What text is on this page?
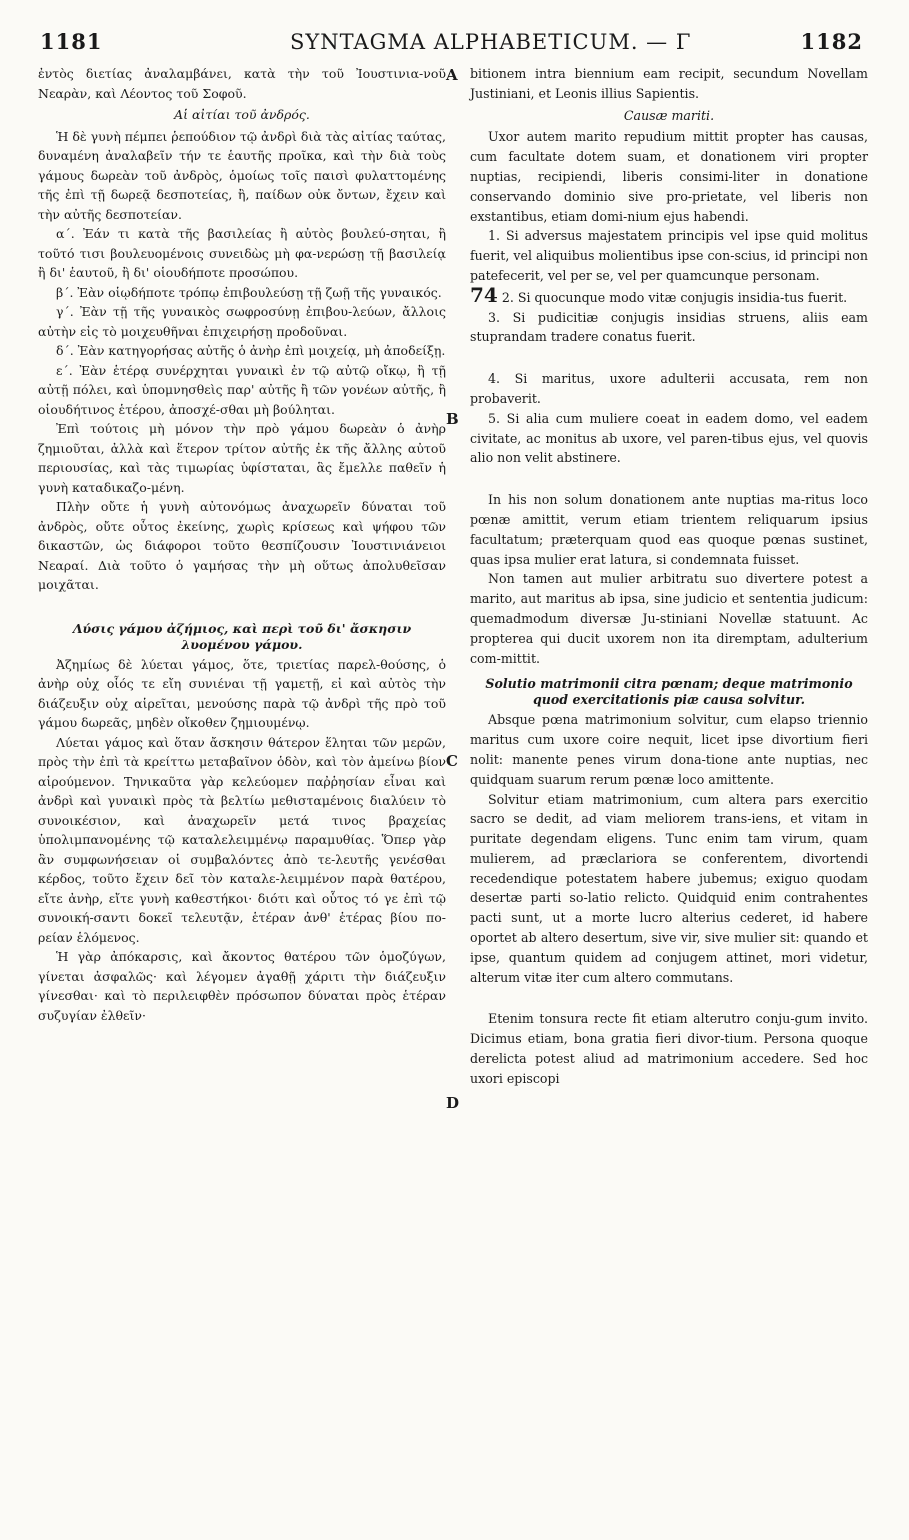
1181	SYNTAGMA ALPHABETICUM. — Γ	1182
A
B
C
D

ἐντὸς διετίας ἀναλαμβάνει, κατὰ τὴν τοῦ Ἰουστινια-νοῦ Νεαρὰν, καὶ Λέοντος τοῦ Σοφοῦ.

Αἱ αἰτίαι τοῦ ἀνδρός.

Ἡ δὲ γυνὴ πέμπει ῥεπούδιον τῷ ἀνδρὶ διὰ τὰς αἰτίας ταύτας, δυναμένη ἀναλαβεῖν τήν τε ἑαυτῆς προῖκα, καὶ τὴν διὰ τοὺς γάμους δωρεὰν τοῦ ἀνδρὸς, ὁμοίως τοῖς παισὶ φυλαττομένης τῆς ἐπὶ τῇ δωρεᾷ δεσποτείας, ἢ, παίδων οὐκ ὄντων, ἔχειν καὶ τὴν αὐτῆς δεσποτείαν.

α΄. Ἐάν τι κατὰ τῆς βασιλείας ἢ αὐτὸς βουλεύ-σηται, ἢ τοῦτό τισι βουλευομένοις συνειδὼς μὴ φα-νερώσῃ τῇ βασιλείᾳ ἢ δι' ἑαυτοῦ, ἢ δι' οἱουδήποτε προσώπου.

β΄. Ἐὰν οἱῳδήποτε τρόπῳ ἐπιβουλεύσῃ τῇ ζωῇ τῆς γυναικός.

γ΄. Ἐὰν τῇ τῆς γυναικὸς σωφροσύνῃ ἐπιβου-λεύων, ἄλλοις αὐτὴν εἰς τὸ μοιχευθῆναι ἐπιχειρήσῃ προδοῦναι.

δ΄. Ἐὰν κατηγορήσας αὐτῆς ὁ ἀνὴρ ἐπὶ μοιχείᾳ, μὴ ἀποδείξῃ.

ε΄. Ἐὰν ἑτέρᾳ συνέρχηται γυναικὶ ἐν τῷ αὐτῷ οἴκῳ, ἢ τῇ αὐτῇ πόλει, καὶ ὑπομνησθεὶς παρ' αὐτῆς ἢ τῶν γονέων αὐτῆς, ἢ οἱουδήτινος ἑτέρου, ἀποσχέ-σθαι μὴ βούληται.

Ἐπὶ τούτοις μὴ μόνον τὴν πρὸ γάμου δωρεὰν ὁ ἀνὴρ ζημιοῦται, ἀλλὰ καὶ ἕτερον τρίτον αὐτῆς ἐκ τῆς ἄλλης αὐτοῦ περιουσίας, καὶ τὰς τιμωρίας ὑφίσταται, ἃς ἔμελλε παθεῖν ἡ γυνὴ καταδικαζο-μένη.

Πλὴν οὔτε ἡ γυνὴ αὐτονόμως ἀναχωρεῖν δύναται τοῦ ἀνδρὸς, οὔτε οὗτος ἐκείνης, χωρὶς κρίσεως καὶ ψήφου τῶν δικαστῶν, ὡς διάφοροι τοῦτο θεσπίζουσιν Ἰουστινιάνειοι Νεαραί. Διὰ τοῦτο ὁ γαμήσας τὴν μὴ οὕτως ἀπολυθεῖσαν μοιχᾶται.

Λύσις γάμου ἀζήμιος, καὶ περὶ τοῦ δι' ἄσκησιν λυομένου γάμου.

Ἀζημίως δὲ λύεται γάμος, ὅτε, τριετίας παρελ-θούσης, ὁ ἀνὴρ οὐχ οἷός τε εἴη συνιέναι τῇ γαμετῇ, εἰ καὶ αὐτὸς τὴν διάζευξιν οὐχ αἱρεῖται, μενούσης παρὰ τῷ ἀνδρὶ τῆς πρὸ τοῦ γάμου δωρεᾶς, μηδὲν οἴκοθεν ζημιουμένῳ.

Λύεται γάμος καὶ ὅταν ἄσκησιν θάτερον ἕληται τῶν μερῶν, πρὸς τὴν ἐπὶ τὰ κρείττω μεταβαῖνον ὁδὸν, καὶ τὸν ἀμείνω βίον αἱρούμενον. Τηνικαῦτα γὰρ κελεύομεν παῤῥησίαν εἶναι καὶ ἀνδρὶ καὶ γυναικὶ πρὸς τὰ βελτίω μεθισταμένοις διαλύειν τὸ συνοικέσιον, καὶ ἀναχωρεῖν μετά τινος βραχείας ὑπολιμπανομένης τῷ καταλελειμμένῳ παραμυθίας. Ὅπερ γὰρ ἂν συμφωνήσειαν οἱ συμβαλόντες ἀπὸ τε-λευτῆς γενέσθαι κέρδος, τοῦτο ἔχειν δεῖ τὸν καταλε-λειμμένον παρὰ θατέρου, εἴτε ἀνὴρ, εἴτε γυνὴ καθεστήκοι· διότι καὶ οὗτος τό γε ἐπὶ τῷ συνοική-σαντι δοκεῖ τελευτᾷν, ἑτέραν ἀνθ' ἑτέρας βίου πο-ρείαν ἑλόμενος.

Ἡ γὰρ ἀπόκαρσις, καὶ ἄκοντος θατέρου τῶν ὁμοζύγων, γίνεται ἀσφαλῶς· καὶ λέγομεν ἀγαθῇ χάριτι τὴν διάζευξιν γίνεσθαι· καὶ τὸ περιλειφθὲν πρόσωπον δύναται πρὸς ἑτέραν συζυγίαν ἐλθεῖν·

bitionem intra biennium eam recipit, secundum Novellam Justiniani, et Leonis illius Sapientis.

Causæ mariti.

Uxor autem marito repudium mittit propter has causas, cum facultate dotem suam, et donationem viri propter nuptias, recipiendi, liberis consimi-liter in donatione conservando dominio sive pro-prietate, vel liberis non exstantibus, etiam domi-nium ejus habendi.

1. Si adversus majestatem principis vel ipse quid molitus fuerit, vel aliquibus molientibus ipse con-scius, id principi non patefecerit, vel per se, vel per quamcunque personam.

74 2. Si quocunque modo vitæ conjugis insidia-tus fuerit.

3. Si pudicitiæ conjugis insidias struens, aliis eam stuprandam tradere conatus fuerit.

4. Si maritus, uxore adulterii accusata, rem non probaverit.

5. Si alia cum muliere coeat in eadem domo, vel eadem civitate, ac monitus ab uxore, vel paren-tibus ejus, vel quovis alio non velit abstinere.

In his non solum donationem ante nuptias ma-ritus loco pœnæ amittit, verum etiam trientem reliquarum ipsius facultatum; præterquam quod eas quoque pœnas sustinet, quas ipsa mulier erat latura, si condemnata fuisset.

Non tamen aut mulier arbitratu suo divertere potest a marito, aut maritus ab ipsa, sine judicio et sententia judicum: quemadmodum diversæ Ju-stiniani Novellæ statuunt. Ac propterea qui ducit uxorem non ita diremptam, adulterium com-mittit.

Solutio matrimonii citra pœnam; deque matrimonio quod exercitationis piæ causa solvitur.

Absque pœna matrimonium solvitur, cum elapso triennio maritus cum uxore coire nequit, licet ipse divortium fieri nolit: manente penes virum dona-tione ante nuptias, nec quidquam suarum rerum pœnæ loco amittente.

Solvitur etiam matrimonium, cum altera pars exercitio sacro se dedit, ad viam meliorem trans-iens, et vitam in puritate degendam eligens. Tunc enim tam virum, quam mulierem, ad præclariora se conferentem, divortendi recedendique potestatem habere jubemus; exiguo quodam desertæ parti so-latio relicto. Quidquid enim contrahentes pacti sunt, ut a morte lucro alterius cederet, id habere oportet ab altero desertum, sive vir, sive mulier sit: quando et ipse, quantum quidem ad conjugem attinet, mori videtur, alterum vitæ iter cum altero commutans.

Etenim tonsura recte fit etiam alterutro conju-gum invito. Dicimus etiam, bona gratia fieri divor-tium. Persona quoque derelicta potest aliud ad matrimonium accedere. Sed hoc uxori episcopi
